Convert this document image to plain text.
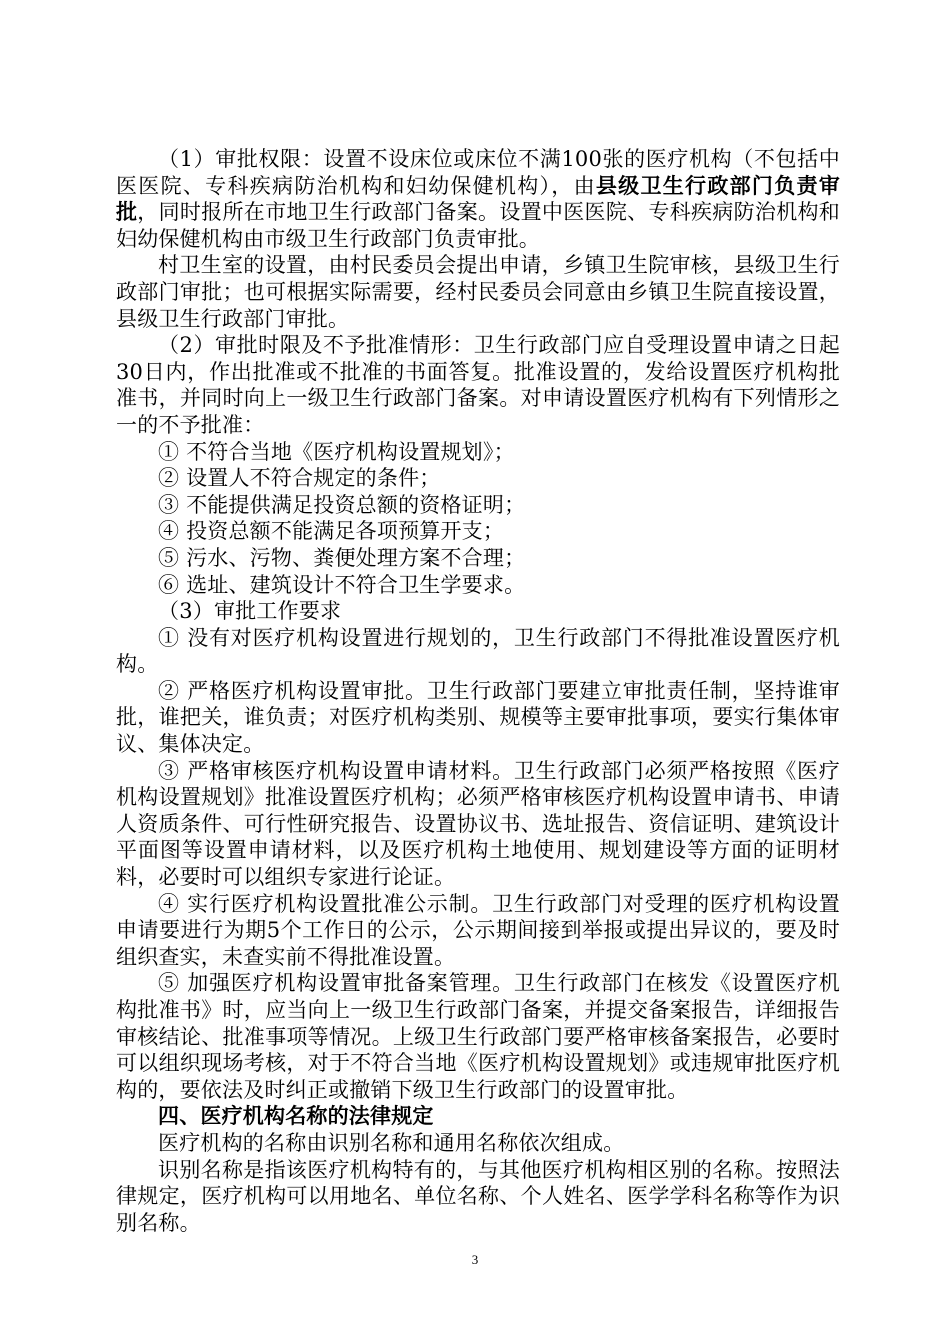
（1）审批权限：设置不设床位或床位不满100张的医疗机构（不包括中医医院、专科疾病防治机构和妇幼保健机构），由县级卫生行政部门负责审批，同时报所在市地卫生行政部门备案。设置中医医院、专科疾病防治机构和妇幼保健机构由市级卫生行政部门负责审批。

村卫生室的设置，由村民委员会提出申请，乡镇卫生院审核，县级卫生行政部门审批；也可根据实际需要，经村民委员会同意由乡镇卫生院直接设置，县级卫生行政部门审批。

（2）审批时限及不予批准情形：卫生行政部门应自受理设置申请之日起30日内，作出批准或不批准的书面答复。批准设置的，发给设置医疗机构批准书，并同时向上一级卫生行政部门备案。对申请设置医疗机构有下列情形之一的不予批准：

① 不符合当地《医疗机构设置规划》；

② 设置人不符合规定的条件；

③ 不能提供满足投资总额的资格证明；

④ 投资总额不能满足各项预算开支；

⑤ 污水、污物、粪便处理方案不合理；

⑥ 选址、建筑设计不符合卫生学要求。

（3）审批工作要求

① 没有对医疗机构设置进行规划的，卫生行政部门不得批准设置医疗机构。

② 严格医疗机构设置审批。卫生行政部门要建立审批责任制，坚持谁审批，谁把关，谁负责；对医疗机构类别、规模等主要审批事项，要实行集体审议、集体决定。

③ 严格审核医疗机构设置申请材料。卫生行政部门必须严格按照《医疗机构设置规划》批准设置医疗机构；必须严格审核医疗机构设置申请书、申请人资质条件、可行性研究报告、设置协议书、选址报告、资信证明、建筑设计平面图等设置申请材料，以及医疗机构土地使用、规划建设等方面的证明材料，必要时可以组织专家进行论证。

④ 实行医疗机构设置批准公示制。卫生行政部门对受理的医疗机构设置申请要进行为期5个工作日的公示，公示期间接到举报或提出异议的，要及时组织查实，未查实前不得批准设置。

⑤ 加强医疗机构设置审批备案管理。卫生行政部门在核发《设置医疗机构批准书》时，应当向上一级卫生行政部门备案，并提交备案报告，详细报告审核结论、批准事项等情况。上级卫生行政部门要严格审核备案报告，必要时可以组织现场考核，对于不符合当地《医疗机构设置规划》或违规审批医疗机构的，要依法及时纠正或撤销下级卫生行政部门的设置审批。

四、医疗机构名称的法律规定

医疗机构的名称由识别名称和通用名称依次组成。

识别名称是指该医疗机构特有的，与其他医疗机构相区别的名称。按照法律规定，医疗机构可以用地名、单位名称、个人姓名、医学学科名称等作为识别名称。

3
